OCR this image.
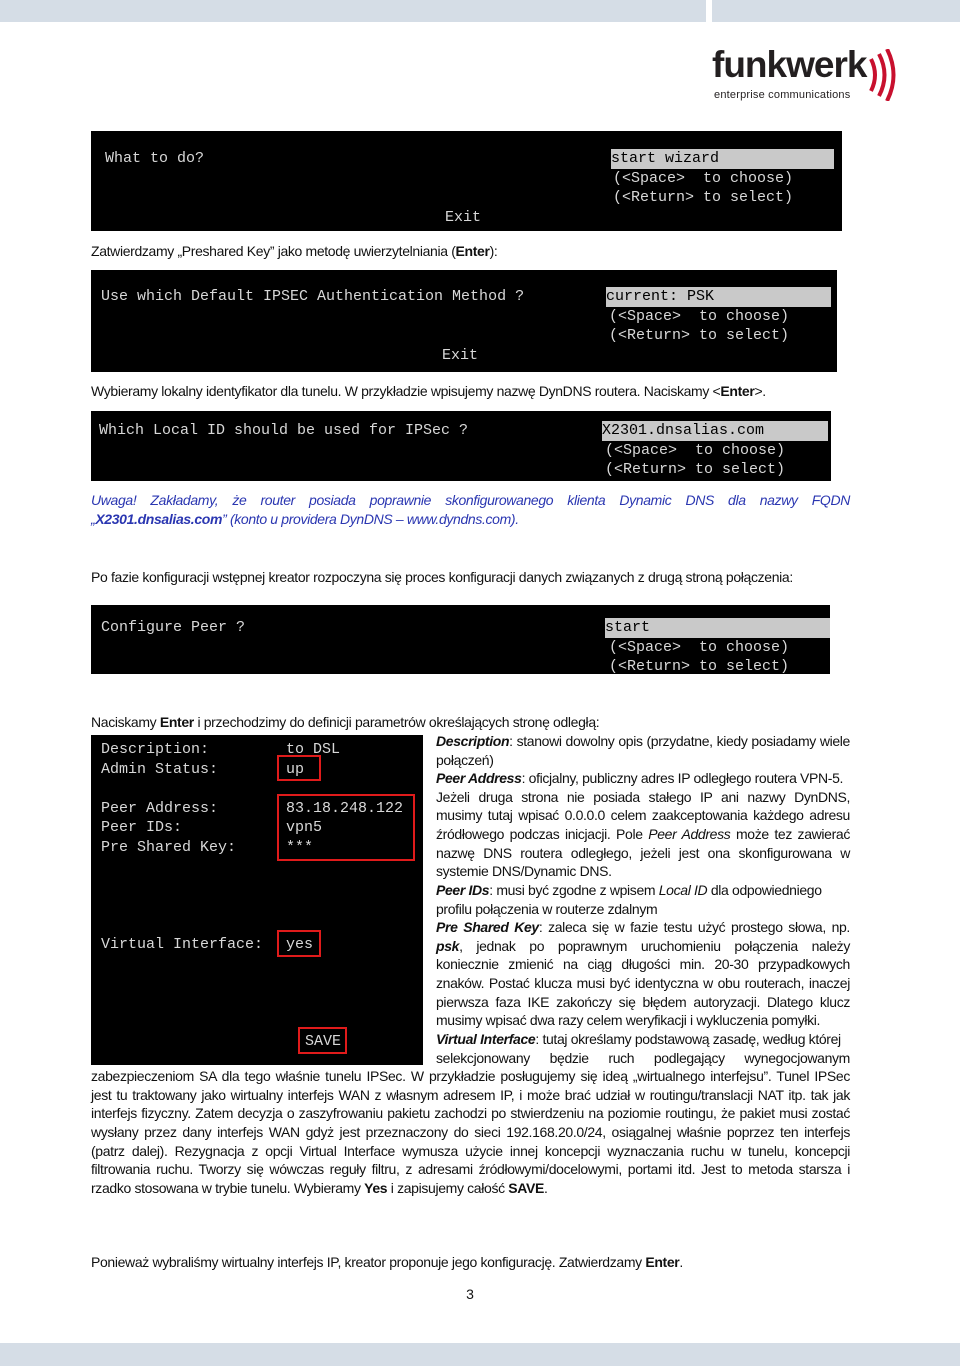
funkwerk
enterprise communications

What to do?

	start wizard

(<Space>  to choose)

(<Return> to select)

Exit

Zatwierdzamy „Preshared Key” jako metodę uwierzytelniania (Enter):

Use which Default IPSEC Authentication Method ?

	current: PSK

(<Space>  to choose)

(<Return> to select)

Exit

Wybieramy lokalny identyfikator dla tunelu. W przykładzie wpisujemy nazwę DynDNS routera. Naciskamy <Enter>.

Which Local ID should be used for IPSec ?

	X2301.dnsalias.com

(<Space>  to choose)

(<Return> to select)

Uwaga! Zakładamy, że router posiada poprawnie skonfigurowanego klienta Dynamic DNS dla nazwy FQDN
„X2301.dnsalias.com” (konto u providera DynDNS – www.dyndns.com).
Po fazie konfiguracji wstępnej kreator rozpoczyna się proces konfiguracji danych związanych z drugą stroną połączenia:

Configure Peer ?

	start

(<Space>  to choose)

(<Return> to select)

Naciskamy Enter i przechodzimy do definicji parametrów określających stronę odległą:

Description:

	to DSL

Admin Status:

	up

Peer Address:

	83.18.248.122

Peer IDs:

	vpn5

Pre Shared Key:

	***

Virtual Interface:

yes

SAVE

Description: stanowi dowolny opis (przydatne, kiedy posiadamy wiele
połączeń)
Peer Address: oficjalny, publiczny adres IP odległego routera VPN-5.
Jeżeli druga strona nie posiada stałego IP ani nazwy DynDNS,
musimy tutaj wpisać 0.0.0.0 celem zaakceptowania każdego adresu
źródłowego podczas inicjacji. Pole Peer Address może tez zawierać
nazwę DNS routera odległego, jeżeli jest ona skonfigurowana w
systemie DNS/Dynamic DNS.
Peer IDs: musi być zgodne z wpisem Local ID dla odpowiedniego
profilu połączenia w routerze zdalnym
Pre Shared Key: zaleca się w fazie testu użyć prostego słowa, np.
psk, jednak po poprawnym uruchomieniu połączenia należy
koniecznie zmienić na ciąg długości min. 20-30 przypadkowych
znaków. Postać klucza musi być identyczna w obu routerach, inaczej
pierwsza faza IKE zakończy się błędem autoryzacji. Dlatego klucz
musimy wpisać dwa razy celem weryfikacji i wykluczenia pomyłki.
Virtual Interface: tutaj określamy podstawową zasadę, według której
selekcjonowany będzie ruch podlegający wynegocjowanym
zabezpieczeniom SA dla tego właśnie tunelu IPSec. W przykładzie posługujemy się ideą „wirtualnego interfejsu”. Tunel IPSec
jest tu traktowany jako wirtualny interfejs WAN z własnym adresem IP, i może brać udział w routingu/translacji NAT itp. tak jak
interfejs fizyczny. Zatem decyzja o zaszyfrowaniu pakietu zachodzi po stwierdzeniu na poziomie routingu, że pakiet musi zostać
wysłany przez dany interfejs WAN gdyż jest przeznaczony do sieci 192.168.20.0/24, osiągalnej właśnie poprzez ten interfejs
(patrz dalej). Rezygnacja z opcji Virtual Interface wymusza użycie innej koncepcji wyznaczania ruchu w tunelu, koncepcji
filtrowania ruchu. Tworzy się wówczas reguły filtru, z adresami źródłowymi/docelowymi, portami itd. Jest to metoda starsza i
rzadko stosowana w trybie tunelu. Wybieramy Yes i zapisujemy całość SAVE.
Ponieważ wybraliśmy wirtualny interfejs IP, kreator proponuje jego konfigurację. Zatwierdzamy Enter.
3
